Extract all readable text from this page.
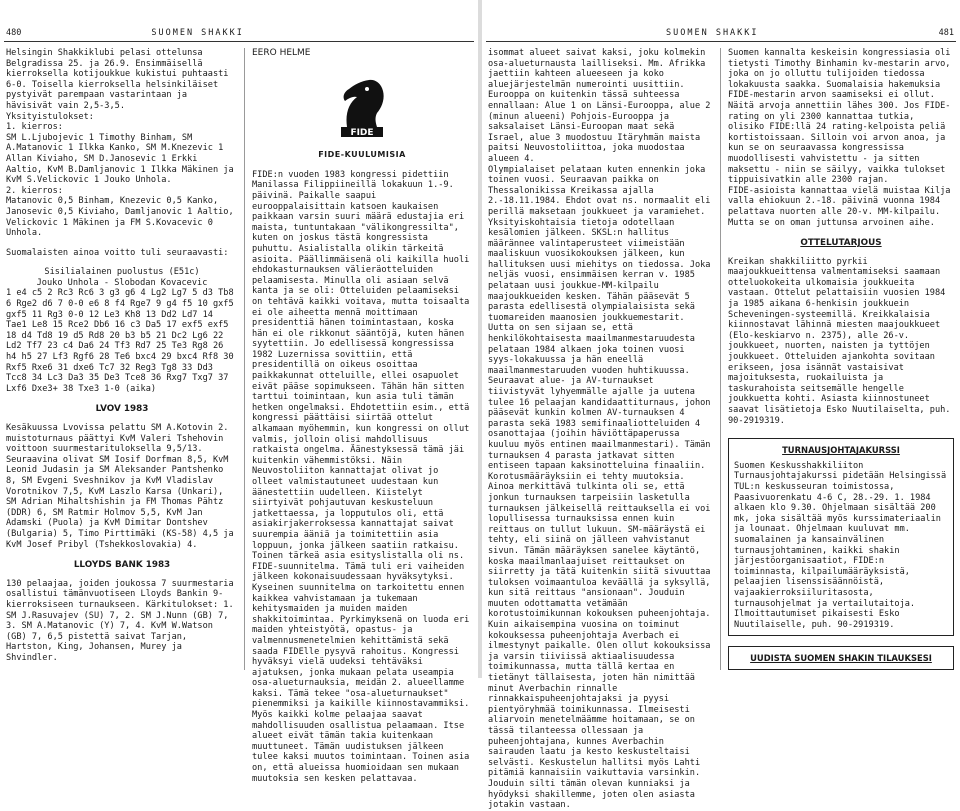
480	SUOMEN SHAKKI

Helsingin Shakkiklubi pelasi ottelunsa Belgradissa 25. ja 26.9. Ensimmäisellä kierroksella kotijoukkue kukistui puhtaasti 6-0. Toisella kierroksella helsinkiläiset pystyivät parempaan vastarintaan ja hävisivät vain 2,5-3,5.

Yksityistulokset:

1. kierros:

SM L.Ljubojevic 1 Timothy Binham, SM A.Matanovic 1 Ilkka Kanko, SM M.Knezevic 1 Allan Kiviaho, SM D.Janosevic 1 Erkki Aaltio, KvM B.Damljanovic 1 Ilkka Mäkinen ja KvM S.Velickovic 1 Jouko Unhola.

2. kierros:

Matanovic 0,5 Binham, Knezevic 0,5 Kanko, Janosevic 0,5 Kiviaho, Damljanovic 1 Aaltio, Velickovic 1 Mäkinen ja FM S.Kovacevic 0 Unhola.

Suomalaisten ainoa voitto tuli seuraavasti:

Sisilialainen puolustus (E51c)

Jouko Unhola - Slobodan Kovacevic

1 e4 c5 2 Rc3 Rc6 3 g3 g6 4 Lg2 Lg7 5 d3 Tb8 6 Rge2 d6 7 0-0 e6 8 f4 Rge7 9 g4 f5 10 gxf5 gxf5 11 Rg3 0-0 12 Le3 Kh8 13 Dd2 Ld7 14 Tae1 Le8 15 Rce2 Db6 16 c3 Da5 17 exf5 exf5 18 d4 Td8 19 d5 Rd8 20 b3 b5 21 Dc2 Lg6 22 Ld2 Tf7 23 c4 Da6 24 Tf3 Rd7 25 Te3 Rg8 26 h4 h5 27 Lf3 Rgf6 28 Te6 bxc4 29 bxc4 Rf8 30 Rxf5 Rxe6 31 dxe6 Tc7 32 Reg3 Tg8 33 Dd3 Tcc8 34 Lc3 Da3 35 De3 Tce8 36 Rxg7 Txg7 37 Lxf6 Dxe3+ 38 Txe3 1-0 (aika)

LVOV 1983

Kesäkuussa Lvovissa pelattu SM A.Kotovin 2. muistoturnaus päättyi KvM Valeri Tshehovin voittoon suurmestarituloksella 9,5/13. Seuraavina olivat SM Iosif Dorfman 8,5, KvM Leonid Judasin ja SM Aleksander Pantshenko 8, SM Evgeni Sveshnikov ja KvM Vladislav Vorotnikov 7,5, KvM Laszlo Karsa (Unkari), SM Adrian Mihaltshishin ja FM Thomas Pähtz (DDR) 6, SM Ratmir Holmov 5,5, KvM Jan Adamski (Puola) ja KvM Dimitar Dontshev (Bulgaria) 5, Timo Pirttimäki (KS-58) 4,5 ja KvM Josef Pribyl (Tshekkoslovakia) 4.

LLOYDS BANK 1983

130 pelaajaa, joiden joukossa 7 suurmestaria osallistui tämänvuotiseen Lloyds Bankin 9-kierroksiseen turnaukseen. Kärkitulokset: 1. SM J.Rasuvajev (SU) 7, 2. SM J.Nunn (GB) 7, 3. SM A.Matanovic (Y) 7, 4. KvM W.Watson (GB) 7, 6,5 pistettä saivat Tarjan, Hartston, King, Johansen, Murey ja Shvindler.

EERO HELME
FIDE
FIDE-KUULUMISIA

FIDE:n vuoden 1983 kongressi pidettiin Manilassa Filippiineillä lokakuun 1.-9. päivinä. Paikalle saapui eurooppalaisittain katsoen kaukaisen paikkaan varsin suuri määrä edustajia eri maista, tuntuntakaan "välikongressilta", kuten on joskus tästä kongressista puhuttu. Asialistalla olikin tärkeitä asioita. Päällimmäisenä oli kaikilla huoli ehdokasturnauksen välieräotteluiden pelaamisesta. Minulla oli asiaan selvä kanta ja se oli: Otteluiden pelaamiseksi on tehtävä kaikki voitava, mutta toisaalta ei ole aiheetta mennä moittimaan presidenttiä hänen toimintastaan, koska hän ei ole rikkonut sääntöjä, kuten hänen syytettiin. Jo edellisessä kongressissa 1982 Luzernissa sovittiin, että presidentillä on oikeus osoittaa paikkakunnat otteluille, ellei osapuolet eivät pääse sopimukseen. Tähän hän sitten tarttui toimintaan, kun asia tuli tämän hetken ongelmaksi. Ehdotettiin esim., että kongressi päättäisi siirtää ottelut alkamaan myöhemmin, kun kongressi on ollut valmis, jolloin olisi mahdollisuus ratkaista ongelma. Äänestyksessä tämä jäi kuitenkin vähemmistöksi. Näin Neuvostoliiton kannattajat olivat jo olleet valmistautuneet uudestaan kun äänestettiin uudelleen. Kiistelyt siirtyivät pohjautuvan keskusteluun jatkettaessa, ja lopputulos oli, että asiakirjakerroksessa kannattajat saivat suurempia ääniä ja toimitettiin asia loppuun, jonka jälkeen saatiin ratkaisu.

Toinen tärkeä asia esityslistalla oli ns. FIDE-suunnitelma. Tämä tuli eri vaiheiden jälkeen kokonaisuudessaan hyväksytyksi. Kyseinen suunnitelma on tarkoitettu ennen kaikkea vahvistamaan ja tukemaan kehitysmaiden ja muiden maiden shakkitoimintaa. Pyrkimyksenä on luoda eri maiden yhteistyötä, opastus- ja valmennusmenetelmien kehittämistä sekä saada FIDElle pysyvä rahoitus. Kongressi hyväksyi vielä uudeksi tehtäväksi ajatuksen, jonka mukaan pelata useampia osa-alueturnauksia, meidän 2. alueellamme kaksi. Tämä tekee "osa-alueturnaukset" pienemmiksi ja kaikille kiinnostavammiksi. Myös kaikki kolme pelaajaa saavat mahdollisuuden osallistua pelaamaan. Itse alueet eivät tämän takia kuitenkaan muuttuneet. Tämän uudistuksen jälkeen tulee kaksi muutos toimintaan. Toinen asia on, että alueissa huomioidaan sen mukaan muutoksia sen kesken pelattavaa.

SUOMEN SHAKKI	481

isommat alueet saivat kaksi, joku kolmekin osa-alueturnausta lailliseksi. Mm. Afrikka jaettiin kahteen alueeseen ja koko aluejärjestelmän numerointi uusittiin. Eurooppa on kuitenkin tässä suhteessa ennallaan: Alue 1 on Länsi-Eurooppa, alue 2 (minun alueeni) Pohjois-Eurooppa ja saksalaiset Länsi-Euroopan maat sekä Israel, alue 3 muodostuu Itäryhmän maista paitsi Neuvostoliittoa, joka muodostaa alueen 4.

Olympialaiset pelataan kuten ennenkin joka toinen vuosi. Seuraavan paikka on Thessalonikissa Kreikassa ajalla 2.-18.11.1984. Ehdot ovat ns. normaalit eli perillä maksetaan joukkueet ja varamiehet. Yksityiskohtaisia tietoja odotellaan kesälomien jälkeen. SKSL:n hallitus määrännee valintaperusteet viimeistään maaliskuun vuosikokouksen jälkeen, kun hallituksen uusi miehitys on tiedossa. Joka neljäs vuosi, ensimmäisen kerran v. 1985 pelataan uusi joukkue-MM-kilpailu maajoukkueiden kesken. Tähän pääsevät 5 parasta edellisestä olympialaisista sekä tuomareiden maanosien joukkuemestarit. Uutta on sen sijaan se, että henkilökohtaisesta maailmanmestaruudesta pelataan 1984 alkaen joka toinen vuosi syys-lokakuussa ja hän eneellä maailmanmestaruuden vuoden huhtikuussa. Seuraavat alue- ja AV-turnaukset tiivistyvät lyhyemmälle ajalle ja uutena tulee 16 pelaajan kandidaattiturnaus, johon pääsevät kunkin kolmen AV-turnauksen 4 parasta sekä 1983 semifinaaliotteluiden 4 osanottajaa (joihin häviöttäpaperussa kuuluu myös entinen maailmanmestari). Tämän turnauksen 4 parasta jatkavat sitten entiseen tapaan kaksinotteluina finaaliin.

Korotusmääräyksiin ei tehty muutoksia. Ainoa merkittävä tulkinta oli se, että jonkun turnauksen tarpeisiin lasketulla turnauksen jälkeisellä reittauksella ei voi lopullisessa turnauksissa ennen kuin reittaus on tullut lukuun. SM-määräystä ei tehty, eli siinä on jälleen vahvistanut sivun. Tämän määräyksen sanelee käytäntö, koska maailmanlaajuiset reittaukset on siirretty ja tätä kuitenkin siitä sivuuttaa tuloksen voimaantuloa keväällä ja syksyllä, kun sitä reittaus "ansionaan". Jouduin muuten odottamatta vetämään korotustoimikunnan kokouksen puheenjohtaja. Kuin aikaisempina vuosina on toiminut kokouksessa puheenjohtaja Averbach ei ilmestynyt paikalle. Olen ollut kokouksissa ja varsin tiiviissä aktiaalisuudessa toimikunnassa, mutta tällä kertaa en tietänyt tällaisesta, joten hän nimittää minut Averbachin rinnalle rinnakkaispuheenjohtajaksi ja pyysi pientyöryhmää toimikunnassa. Ilmeisesti aliarvoin menetelmäämme hoitamaan, se on tässä tilanteessa ollessaan ja puheenjohtajana, kunnes Averbachin sairauden laatu ja kesto keskusteltaisi selvästi. Keskustelun hallitsi myös Lahti pitämiä kannaisiin vaikuttavia varsinkin. Jouduin silti tämän olevan kunniaksi ja hyödyksi shakillemme, joten olen asiasta jotakin vastaan.

Suomen kannalta keskeisin kongressiasia oli tietysti Timothy Binhamin kv-mestarin arvo, joka on jo olluttu tulijoiden tiedossa lokakuusta saakka. Suomalaisia hakemuksia FIDE-mestarin arvon saamiseksi ei ollut. Näitä arvoja annettiin lähes 300. Jos FIDE-rating on yli 2300 kannattaa tutkia, olisiko FIDE:llä 24 rating-kelpoista peliä kortistoissaan. Silloin voi arvon anoa, ja kun se on seuraavassa kongressissa muodollisesti vahvistettu - ja sitten maksettu - niin se säilyy, vaikka tulokset tippuisivatkin alle 2300 rajan.

FIDE-asioista kannattaa vielä muistaa Kilja valla ehiokuun 2.-18. päivinä vuonna 1984 pelattava nuorten alle 20-v. MM-kilpailu. Mutta se on oman juttunsa arvoinen aihe.

OTTELUTARJOUS

Kreikan shakkiliitto pyrkii maajoukkueittensa valmentamiseksi saamaan otteluokokeita ulkomaisia joukkueita vastaan. Ottelut pelattaisiin vuosien 1984 ja 1985 aikana 6-henkisin joukkuein Scheveningen-systeemillä. Kreikkalaisia kiinnostavat lähinnä miesten maajoukkueet (Elo-keskiarvo n. 2375), alle 26-v. joukkueet, nuorten, naisten ja tyttöjen joukkueet. Otteluiden ajankohta sovitaan erikseen, josa isännät vastaisivat majoituksesta, ruokailuista ja taskurahoista seitsemälle hengelle joukkuetta kohti. Asiasta kiinnostuneet saavat lisätietoja Esko Nuutilaiselta, puh. 90-2919319.

TURNAUSJOHTAJAKURSSI

Suomen Keskusshakkiliiton Turnausjohtajakurssi pidetään Helsingissä TUL:n keskusseuran toimistossa, Paasivuorenkatu 4-6 C, 28.-29. 1. 1984 alkaen klo 9.30. Ohjelmaan sisältää 200 mk, joka sisältää myös kurssimateriaalin ja lounaat. Ohjelmaan kuuluvat mm. suomalainen ja kansainvälinen turnausjohtaminen, kaikki shakin järjestöorganisaatiot, FIDE:n toiminnasta, kilpailumääräyksistä, pelaajien lisenssisäännöistä, vajaakierroksiiluritasosta, turnausohjelmat ja vertailutaitoja. Ilmoittautumiset pikaisesti Esko Nuutilaiselle, puh. 90-2919319.

UUDISTA SUOMEN SHAKIN TILAUKSESI
